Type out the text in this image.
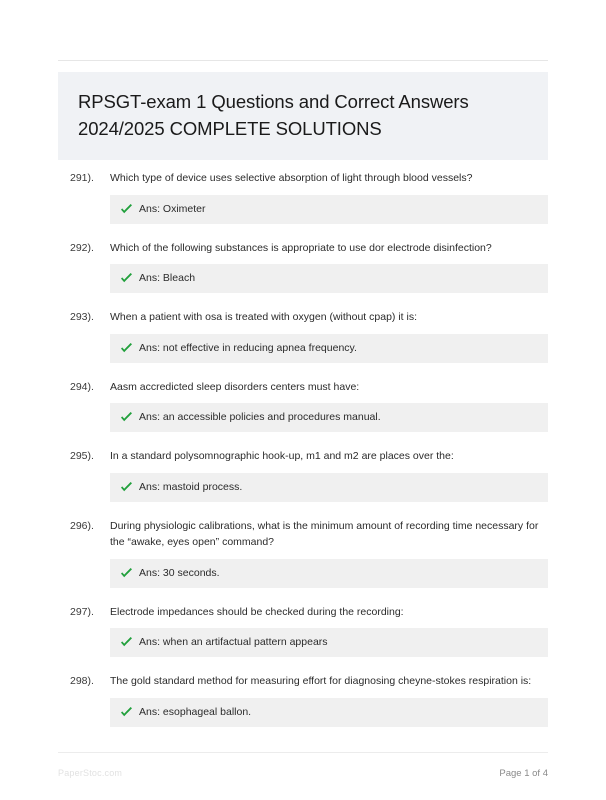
RPSGT-exam 1 Questions and Correct Answers 2024/2025 COMPLETE SOLUTIONS
291).	Which type of device uses selective absorption of light through blood vessels?
Ans: Oximeter
292).	Which of the following substances is appropriate to use dor electrode disinfection?
Ans: Bleach
293).	When a patient with osa is treated with oxygen (without cpap) it is:
Ans: not effective in reducing apnea frequency.
294).	Aasm accredicted sleep disorders centers must have:
Ans: an accessible policies and procedures manual.
295).	In a standard polysomnographic hook-up, m1 and m2 are places over the:
Ans: mastoid process.
296).	During physiologic calibrations, what is the minimum amount of recording time necessary for the “awake, eyes open” command?
Ans: 30 seconds.
297).	Electrode impedances should be checked during the recording:
Ans: when an artifactual pattern appears
298).	The gold standard method for measuring effort for diagnosing cheyne-stokes respiration is:
Ans: esophageal ballon.
PaperStoc.com	Page 1 of 4
